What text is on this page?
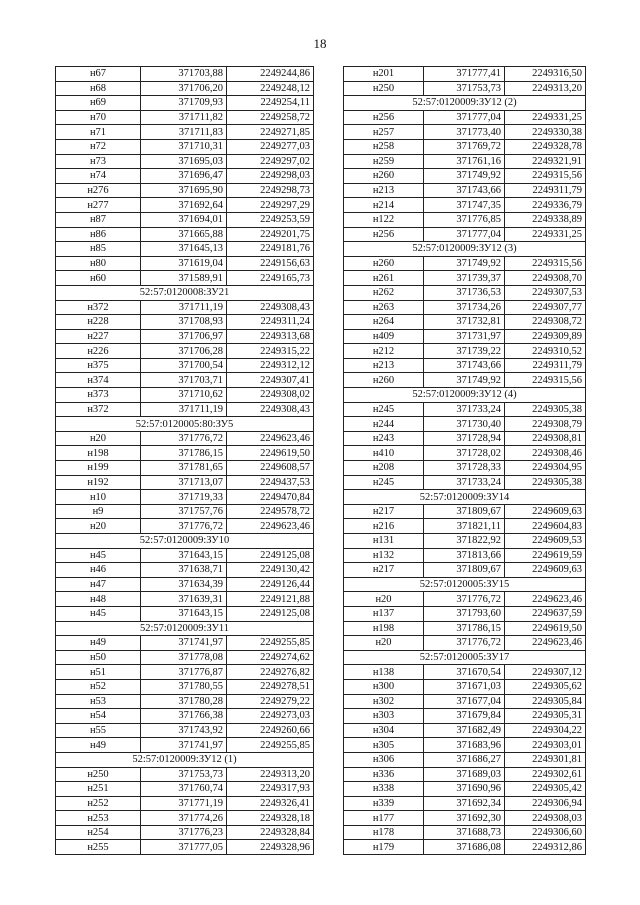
18
н67	371703,88	2249244,86
н68	371706,20	2249248,12
н69	371709,93	2249254,11
н70	371711,82	2249258,72
н71	371711,83	2249271,85
н72	371710,31	2249277,03
н73	371695,03	2249297,02
н74	371696,47	2249298,03
н276	371695,90	2249298,73
н277	371692,64	2249297,29
н87	371694,01	2249253,59
н86	371665,88	2249201,75
н85	371645,13	2249181,76
н80	371619,04	2249156,63
н60	371589,91	2249165,73
52:57:0120008:ЗУ21		
н372	371711,19	2249308,43
н228	371708,93	2249311,24
н227	371706,97	2249313,68
н226	371706,28	2249315,22
н375	371700,54	2249312,12
н374	371703,71	2249307,41
н373	371710,62	2249308,02
н372	371711,19	2249308,43
52:57:0120005:80:ЗУ5		
н20	371776,72	2249623,46
н198	371786,15	2249619,50
н199	371781,65	2249608,57
н192	371713,07	2249437,53
н10	371719,33	2249470,84
н9	371757,76	2249578,72
н20	371776,72	2249623,46
52:57:0120009:ЗУ10		
н45	371643,15	2249125,08
н46	371638,71	2249130,42
н47	371634,39	2249126,44
н48	371639,31	2249121,88
н45	371643,15	2249125,08
52:57:0120009:ЗУ11		
н49	371741,97	2249255,85
н50	371778,08	2249274,62
н51	371776,87	2249276,82
н52	371780,55	2249278,51
н53	371780,28	2249279,22
н54	371766,38	2249273,03
н55	371743,92	2249260,66
н49	371741,97	2249255,85
52:57:0120009:ЗУ12 (1)		
н250	371753,73	2249313,20
н251	371760,74	2249317,93
н252	371771,19	2249326,41
н253	371774,26	2249328,18
н254	371776,23	2249328,84
н255	371777,05	2249328,96
н201	371777,41	2249316,50
н250	371753,73	2249313,20
52:57:0120009:ЗУ12 (2)		
н256	371777,04	2249331,25
н257	371773,40	2249330,38
н258	371769,72	2249328,78
н259	371761,16	2249321,91
н260	371749,92	2249315,56
н213	371743,66	2249311,79
н214	371747,35	2249336,79
н122	371776,85	2249338,89
н256	371777,04	2249331,25
52:57:0120009:ЗУ12 (3)		
н260	371749,92	2249315,56
н261	371739,37	2249308,70
н262	371736,53	2249307,53
н263	371734,26	2249307,77
н264	371732,81	2249308,72
н409	371731,97	2249309,89
н212	371739,22	2249310,52
н213	371743,66	2249311,79
н260	371749,92	2249315,56
52:57:0120009:ЗУ12 (4)		
н245	371733,24	2249305,38
н244	371730,40	2249308,79
н243	371728,94	2249308,81
н410	371728,02	2249308,46
н208	371728,33	2249304,95
н245	371733,24	2249305,38
52:57:0120009:ЗУ14		
н217	371809,67	2249609,63
н216	371821,11	2249604,83
н131	371822,92	2249609,53
н132	371813,66	2249619,59
н217	371809,67	2249609,63
52:57:0120005:ЗУ15		
н20	371776,72	2249623,46
н137	371793,60	2249637,59
н198	371786,15	2249619,50
н20	371776,72	2249623,46
52:57:0120005:ЗУ17		
н138	371670,54	2249307,12
н300	371671,03	2249305,62
н302	371677,04	2249305,84
н303	371679,84	2249305,31
н304	371682,49	2249304,22
н305	371683,96	2249303,01
н306	371686,27	2249301,81
н336	371689,03	2249302,61
н338	371690,96	2249305,42
н339	371692,34	2249306,94
н177	371692,30	2249308,03
н178	371688,73	2249306,60
н179	371686,08	2249312,86
